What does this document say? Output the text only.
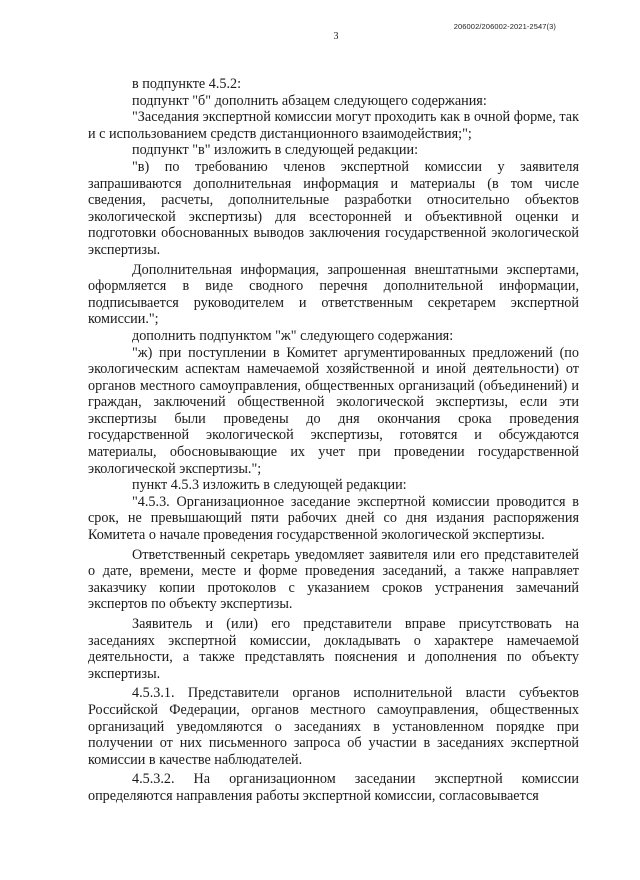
206002/206002-2021-2547(3)
3

в подпункте 4.5.2:

подпункт "б" дополнить абзацем следующего содержания:

"Заседания экспертной комиссии могут проходить как в очной форме, так и с использованием средств дистанционного взаимодействия;";

подпункт "в" изложить в следующей редакции:

"в) по требованию членов экспертной комиссии у заявителя запрашиваются дополнительная информация и материалы (в том числе сведения, расчеты, дополнительные разработки относительно объектов экологической экспертизы) для всесторонней и объективной оценки и подготовки обоснованных выводов заключения государственной экологической экспертизы.

Дополнительная информация, запрошенная внештатными экспертами, оформляется в виде сводного перечня дополнительной информации, подписывается руководителем и ответственным секретарем экспертной комиссии.";

дополнить подпунктом "ж" следующего содержания:

"ж) при поступлении в Комитет аргументированных предложений (по экологическим аспектам намечаемой хозяйственной и иной деятельности) от органов местного самоуправления, общественных организаций (объединений) и граждан, заключений общественной экологической экспертизы, если эти экспертизы были проведены до дня окончания срока проведения государственной экологической экспертизы, готовятся и обсуждаются материалы, обосновывающие их учет при проведении государственной экологической экспертизы.";

пункт 4.5.3 изложить в следующей редакции:

"4.5.3. Организационное заседание экспертной комиссии проводится в срок, не превышающий пяти рабочих дней со дня издания распоряжения Комитета о начале проведения государственной экологической экспертизы.

Ответственный секретарь уведомляет заявителя или его представителей о дате, времени, месте и форме проведения заседаний, а также направляет заказчику копии протоколов с указанием сроков устранения замечаний экспертов по объекту экспертизы.

Заявитель и (или) его представители вправе присутствовать на заседаниях экспертной комиссии, докладывать о характере намечаемой деятельности, а также представлять пояснения и дополнения по объекту экспертизы.

4.5.3.1. Представители органов исполнительной власти субъектов Российской Федерации, органов местного самоуправления, общественных организаций уведомляются о заседаниях в установленном порядке при получении от них письменного запроса об участии в заседаниях экспертной комиссии в качестве наблюдателей.

4.5.3.2. На организационном заседании экспертной комиссии определяются направления работы экспертной комиссии, согласовывается
